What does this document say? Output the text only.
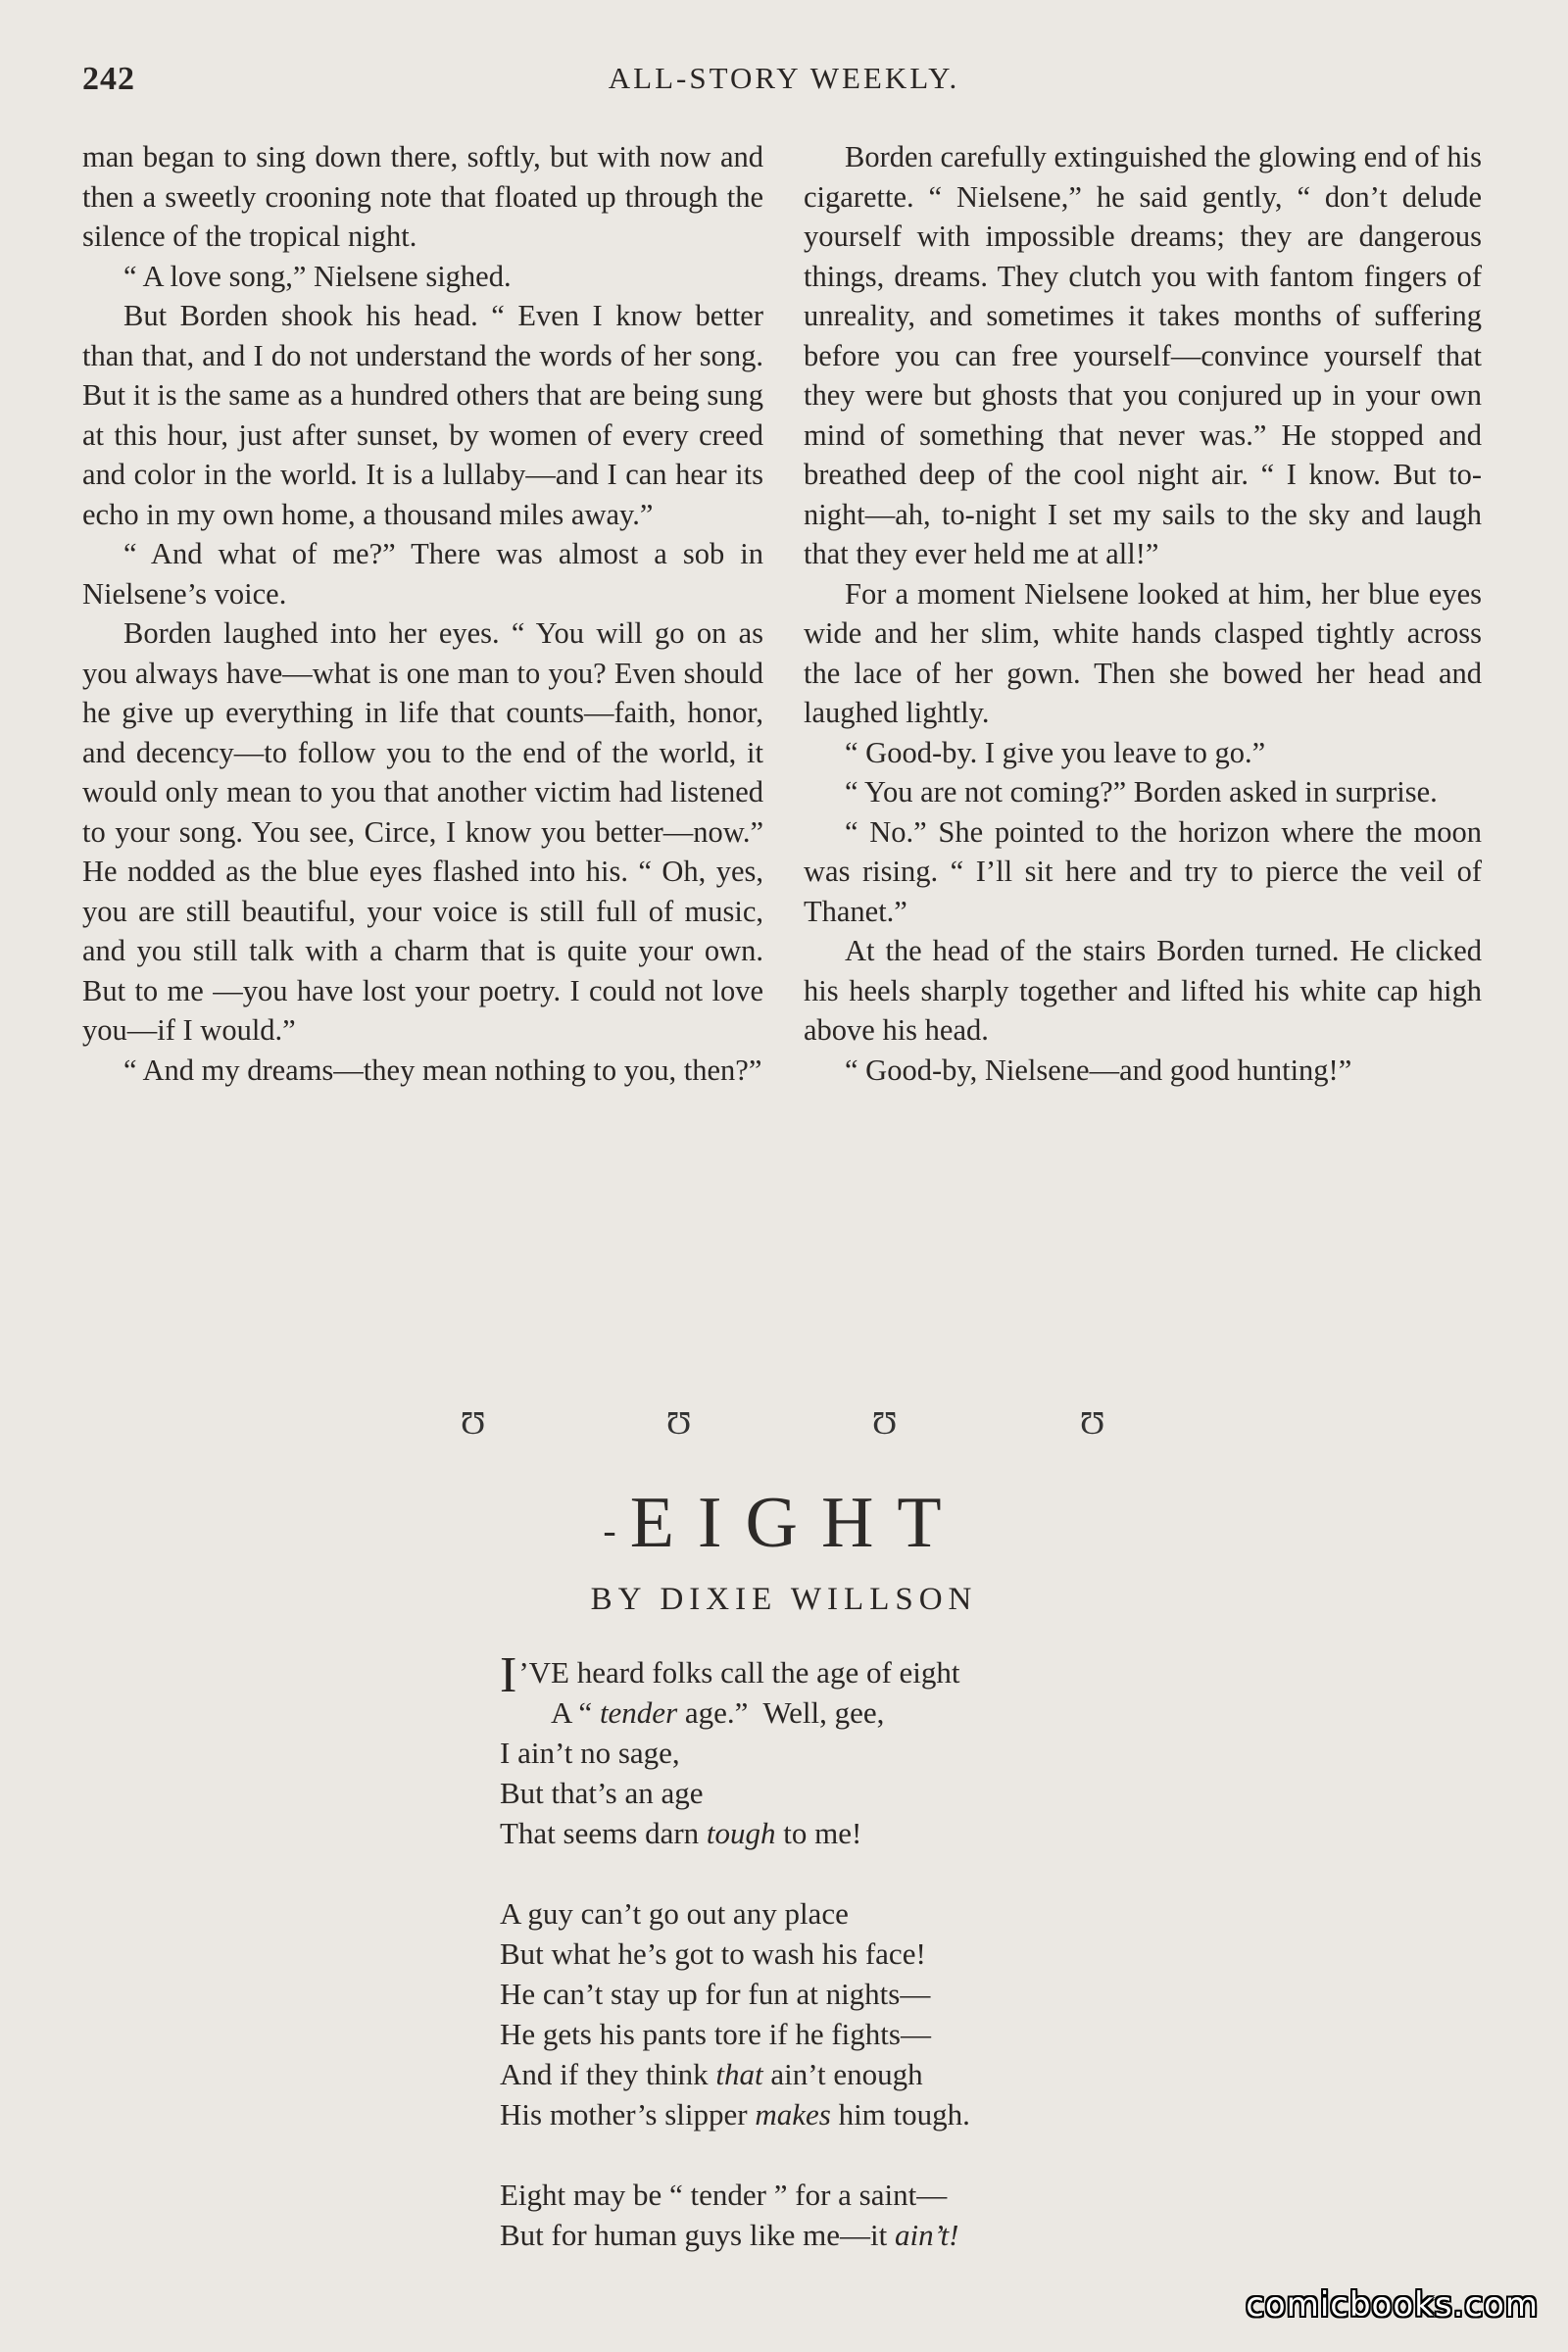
242	ALL-STORY WEEKLY.

man began to sing down there, softly, but with now and then a sweetly crooning note that floated up through the silence of the tropical night.

“ A love song,” Nielsene sighed.

But Borden shook his head. “ Even I know better than that, and I do not understand the words of her song. But it is the same as a hundred others that are being sung at this hour, just after sunset, by women of every creed and color in the world. It is a lullaby—and I can hear its echo in my own home, a thousand miles away.”

“ And what of me?” There was almost a sob in Nielsene’s voice.

Borden laughed into her eyes. “ You will go on as you always have—what is one man to you? Even should he give up everything in life that counts—faith, honor, and decency—to follow you to the end of the world, it would only mean to you that another victim had listened to your song. You see, Circe, I know you better—now.” He nodded as the blue eyes flashed into his. “ Oh, yes, you are still beautiful, your voice is still full of music, and you still talk with a charm that is quite your own. But to me —you have lost your poetry. I could not love you—if I would.”

“ And my dreams—they mean nothing to you, then?”

Borden carefully extinguished the glowing end of his cigarette. “ Nielsene,” he said gently, “ don’t delude yourself with impossible dreams; they are dangerous things, dreams. They clutch you with fantom fingers of unreality, and sometimes it takes months of suffering before you can free yourself—convince yourself that they were but ghosts that you conjured up in your own mind of something that never was.” He stopped and breathed deep of the cool night air. “ I know. But to-night—ah, to-night I set my sails to the sky and laugh that they ever held me at all!”

For a moment Nielsene looked at him, her blue eyes wide and her slim, white hands clasped tightly across the lace of her gown. Then she bowed her head and laughed lightly.

“ Good-by. I give you leave to go.”

“ You are not coming?” Borden asked in surprise.

“ No.” She pointed to the horizon where the moon was rising. “ I’ll sit here and try to pierce the veil of Thanet.”

At the head of the stairs Borden turned. He clicked his heels sharply together and lifted his white cap high above his head.

“ Good-by, Nielsene—and good hunting!”

Ʊ	Ʊ	Ʊ	Ʊ
- EIGHT
BY DIXIE WILLSON
I ’VE heard folks call the age of eight
A “ tender age.”  Well, gee,
I ain’t no sage,
But that’s an age
That seems darn tough to me!
A guy can’t go out any place
But what he’s got to wash his face!
He can’t stay up for fun at nights—
He gets his pants tore if he fights—
And if they think that ain’t enough
His mother’s slipper makes him tough.
Eight may be “ tender ” for a saint—
But for human guys like me—it ain’t!
comicbooks.com
